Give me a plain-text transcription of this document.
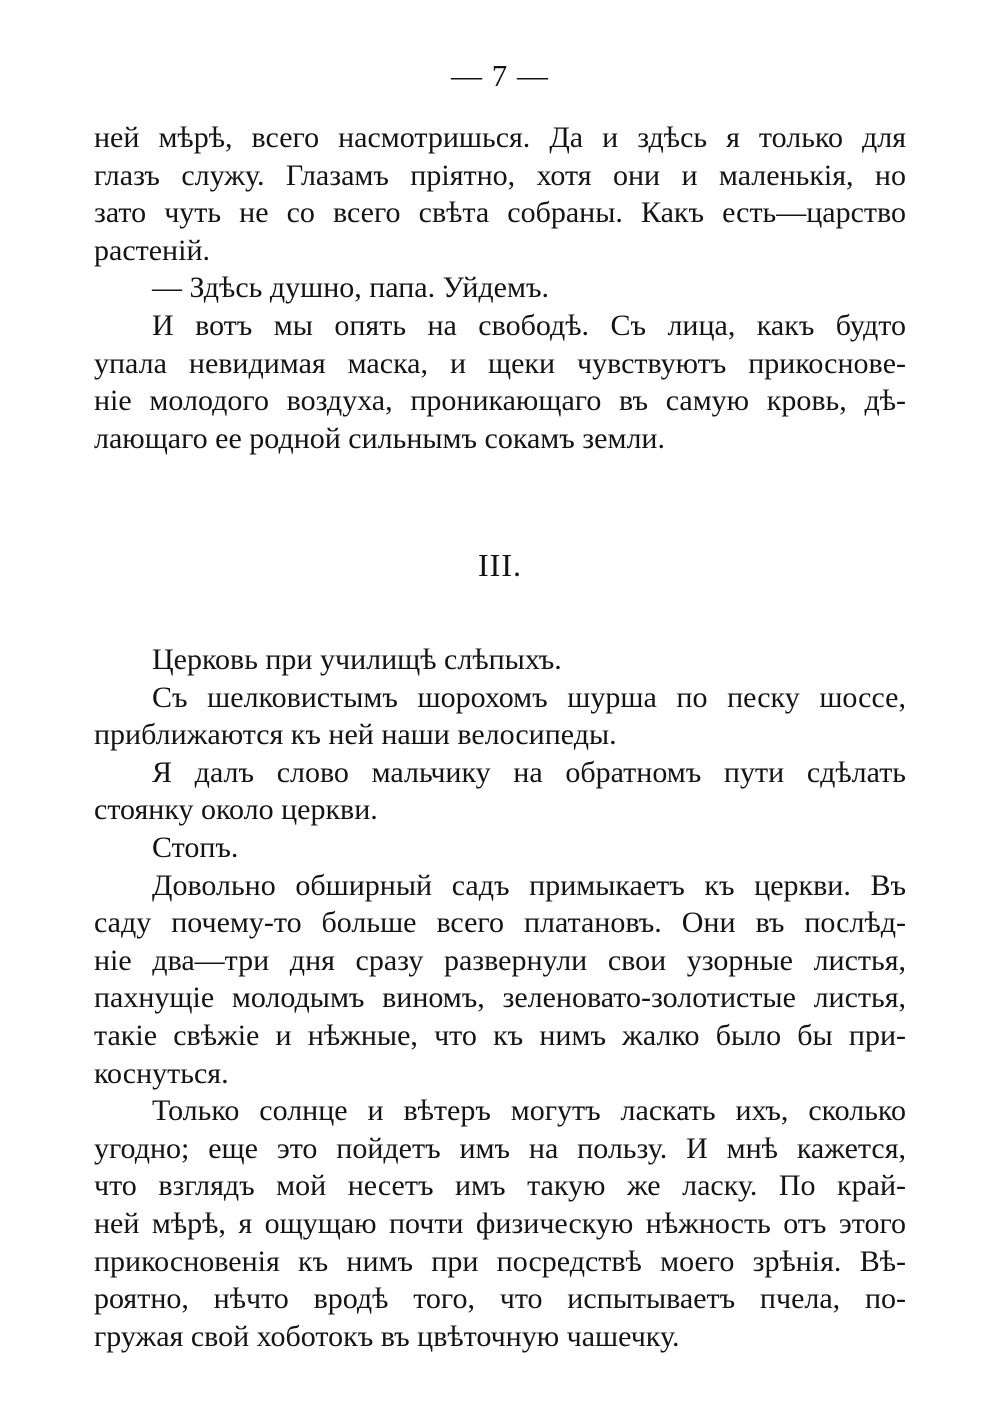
— 7 —
ней мѣрѣ, всего насмотришься. Да и здѣсь я только для
глазъ служу. Глазамъ пріятно, хотя они и маленькія, но
зато чуть не со всего свѣта собраны. Какъ есть—царство
растеній.
— Здѣсь душно, папа. Уйдемъ.
И вотъ мы опять на свободѣ. Съ лица, какъ будто
упала невидимая маска, и щеки чувствуютъ прикосновe-
ніе молодого воздуха, проникающаго въ самую кровь, дѣ-
лающаго ее родной сильнымъ сокамъ земли.
III.
Церковь при училищѣ слѣпыхъ.
Съ шелковистымъ шорохомъ шурша по песку шоссе,
приближаются къ ней наши велосипеды.
Я далъ слово мальчику на обратномъ пути сдѣлать
стоянку около церкви.
Стопъ.
Довольно обширный садъ примыкаетъ къ церкви. Въ
саду почему-то больше всего платановъ. Они въ послѣд-
ніе два—три дня сразу развернули свои узорные листья,
пахнущіе молодымъ виномъ, зеленовато-золотистые листья,
такіе свѣжіе и нѣжные, что къ нимъ жалко было бы при-
коснуться.
Только солнце и вѣтеръ могутъ ласкать ихъ, сколько
угодно; еще это пойдетъ имъ на пользу. И мнѣ кажется,
что взглядъ мой несетъ имъ такую же ласку. По край-
ней мѣрѣ, я ощущаю почти физическую нѣжность отъ этого
прикосновенія къ нимъ при посредствѣ моего зрѣнія. Вѣ-
роятно, нѣчто вродѣ того, что испытываетъ пчела, по-
гружая свой хоботокъ въ цвѣточную чашечку.
